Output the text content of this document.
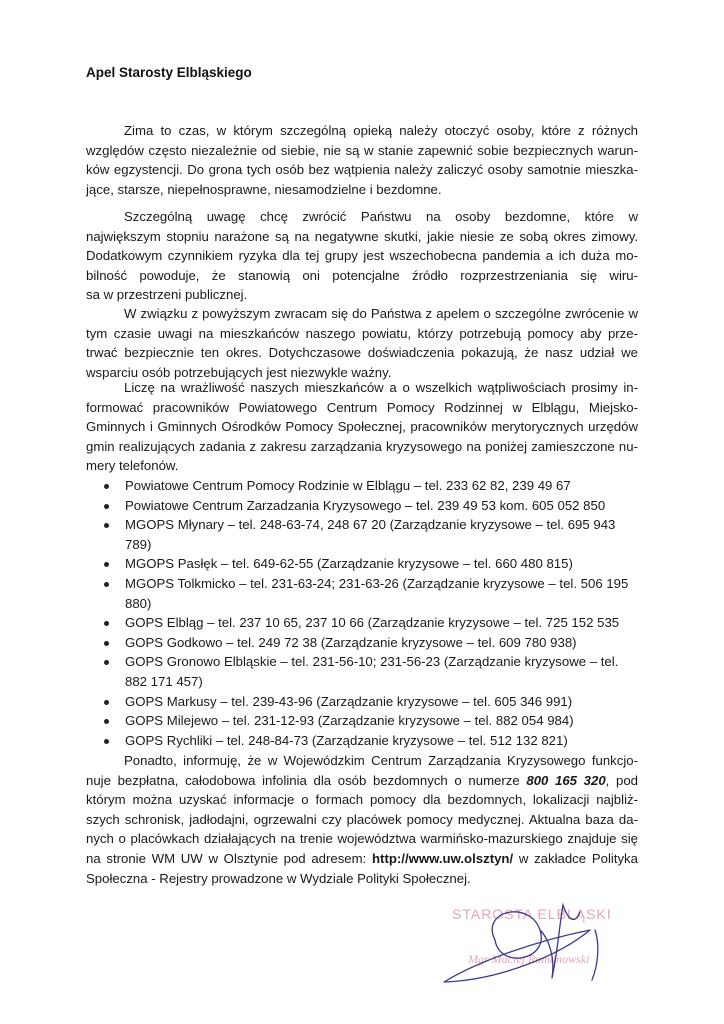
Apel Starosty Elbląskiego
Zima to czas, w którym szczególną opieką należy otoczyć osoby, które z różnych
względów często niezależnie od siebie, nie są w stanie zapewnić sobie bezpiecznych warun-
ków egzystencji. Do grona tych osób bez wątpienia należy zaliczyć osoby samotnie mieszka-
jące, starsze, niepełnosprawne, niesamodzielne i bezdomne.
Szczególną uwagę chcę zwrócić Państwu na osoby bezdomne, które w
największym stopniu narażone są na negatywne skutki, jakie niesie ze sobą okres zimowy.
Dodatkowym czynnikiem ryzyka dla tej grupy jest wszechobecna pandemia a ich duża mo-
bilność powoduje, że stanowią oni potencjalne źródło rozprzestrzeniania się wiru-
sa w przestrzeni publicznej.
W związku z powyższym zwracam się do Państwa z apelem o szczególne zwrócenie w
tym czasie uwagi na mieszkańców naszego powiatu, którzy potrzebują pomocy aby prze-
trwać bezpiecznie ten okres. Dotychczasowe doświadczenia pokazują, że nasz udział we
wsparciu osób potrzebujących jest niezwykle ważny.
Liczę na wrażliwość naszych mieszkańców a o wszelkich wątpliwościach prosimy in-
formować pracowników Powiatowego Centrum Pomocy Rodzinnej w Elblągu, Miejsko-
Gminnych i Gminnych Ośrodków Pomocy Społecznej, pracowników merytorycznych urzędów
gmin realizujących zadania z zakresu zarządzania kryzysowego na poniżej zamieszczone nu-
mery telefonów.
Powiatowe Centrum Pomocy Rodzinie w Elblągu – tel. 233 62 82, 239 49 67
Powiatowe Centrum Zarzadzania Kryzysowego – tel. 239 49 53 kom. 605 052 850
MGOPS Młynary – tel. 248-63-74, 248 67 20 (Zarządzanie kryzysowe – tel. 695 943
789)
MGOPS Pasłęk – tel. 649-62-55 (Zarządzanie kryzysowe – tel. 660 480 815)
MGOPS Tolkmicko – tel. 231-63-24; 231-63-26 (Zarządzanie kryzysowe – tel. 506 195
880)
GOPS Elbląg – tel. 237 10 65, 237 10 66 (Zarządzanie kryzysowe – tel. 725 152 535
GOPS Godkowo – tel. 249 72 38 (Zarządzanie kryzysowe – tel. 609 780 938)
GOPS Gronowo Elbląskie – tel. 231-56-10; 231-56-23 (Zarządzanie kryzysowe – tel.
882 171 457)
GOPS Markusy – tel. 239-43-96 (Zarządzanie kryzysowe – tel. 605 346 991)
GOPS Milejewo – tel. 231-12-93 (Zarządzanie kryzysowe – tel. 882 054 984)
GOPS Rychliki – tel. 248-84-73 (Zarządzanie kryzysowe – tel. 512 132 821)
Ponadto, informuję, że w Wojewódzkim Centrum Zarządzania Kryzysowego funkcjo-
nuje bezpłatna, całodobowa infolinia dla osób bezdomnych o numerze 800 165 320, pod
którym można uzyskać informacje o formach pomocy dla bezdomnych, lokalizacji najbliż-
szych schronisk, jadłodajni, ogrzewalni czy placówek pomocy medycznej. Aktualna baza da-
nych o placówkach działających na trenie województwa warmińsko-mazurskiego znajduje się
na stronie WM UW w Olsztynie pod adresem: http://www.uw.olsztyn/ w zakładce Polityka
Społeczna - Rejestry prowadzone w Wydziale Polityki Społecznej.
STAROSTA ELBLĄSKI
Mgr Maciej Romanowski
